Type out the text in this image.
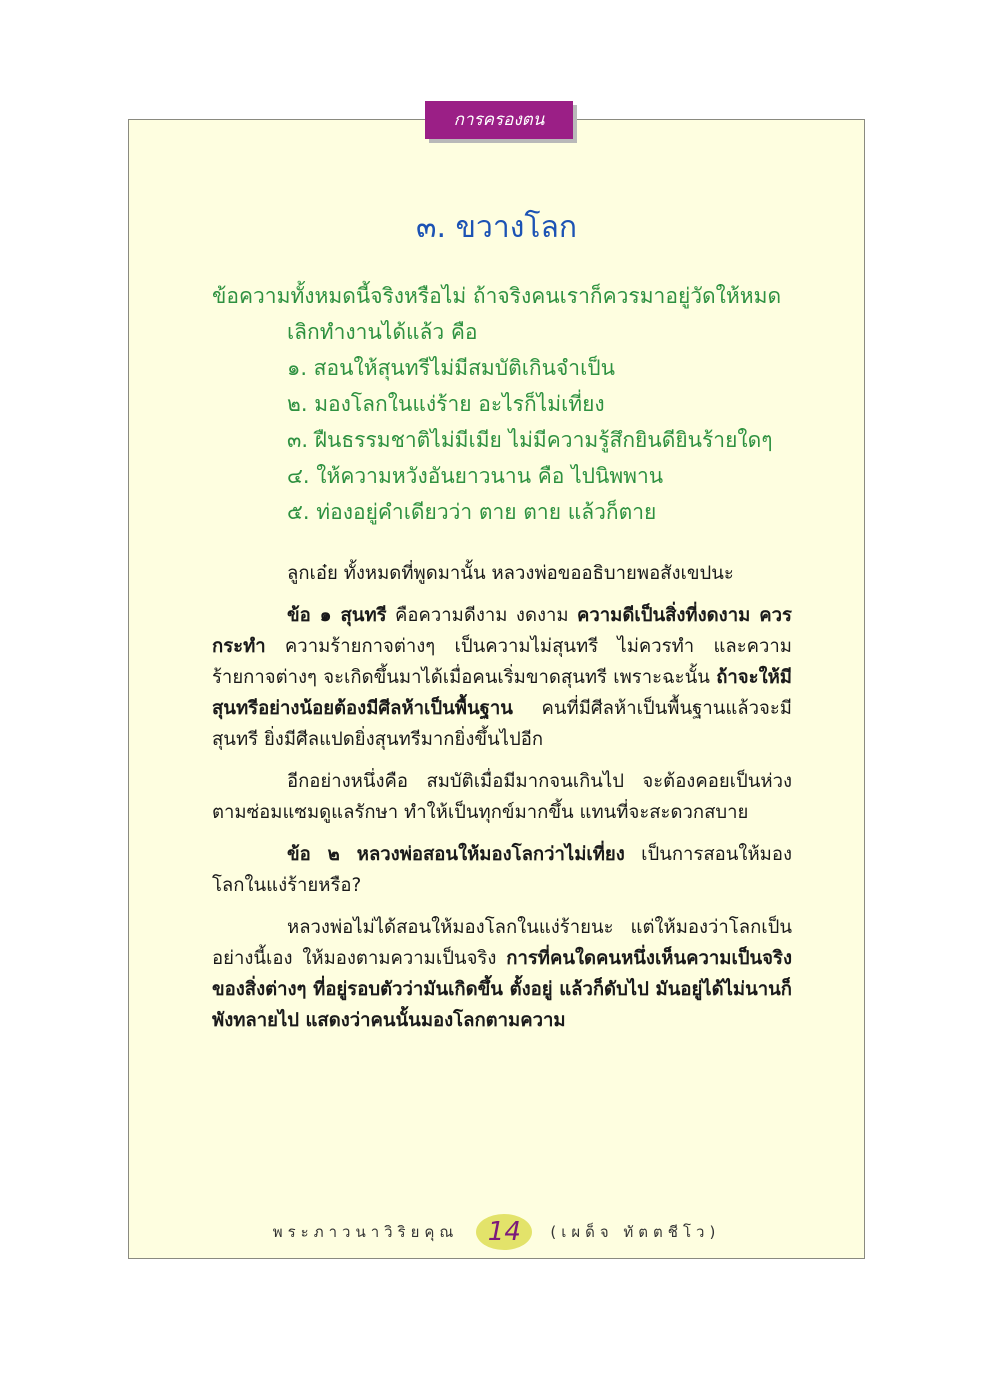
การครองตน
๓. ขวางโลก

ข้อความทั้งหมดนี้จริงหรือไม่ ถ้าจริงคนเราก็ควรมาอยู่วัดให้หมด

เลิกทำงานได้แล้ว คือ

๑. สอนให้สุนทรีไม่มีสมบัติเกินจำเป็น

๒. มองโลกในแง่ร้าย อะไรก็ไม่เที่ยง

๓. ฝืนธรรมชาติไม่มีเมีย ไม่มีความรู้สึกยินดียินร้ายใดๆ

๔. ให้ความหวังอันยาวนาน คือ ไปนิพพาน

๕. ท่องอยู่คำเดียวว่า ตาย ตาย แล้วก็ตาย

ลูกเอ๋ย ทั้งหมดที่พูดมานั้น หลวงพ่อขออธิบายพอสังเขปนะ

ข้อ ๑ สุนทรี คือความดีงาม งดงาม ความดีเป็นสิ่งที่งดงาม ควรกระทำ ความร้ายกาจต่างๆ เป็นความไม่สุนทรี ไม่ควรทำ และความร้ายกาจต่างๆ จะเกิดขึ้นมาได้เมื่อคนเริ่มขาดสุนทรี เพราะฉะนั้น ถ้าจะให้มีสุนทรีอย่างน้อยต้องมีศีลห้าเป็นพื้นฐาน คนที่มีศีลห้าเป็นพื้นฐานแล้วจะมีสุนทรี ยิ่งมีศีลแปดยิ่งสุนทรีมากยิ่งขึ้นไปอีก

อีกอย่างหนึ่งคือ สมบัติเมื่อมีมากจนเกินไป จะต้องคอยเป็นห่วง ตามซ่อมแซมดูแลรักษา ทำให้เป็นทุกข์มากขึ้น แทนที่จะสะดวกสบาย

ข้อ ๒ หลวงพ่อสอนให้มองโลกว่าไม่เที่ยง เป็นการสอนให้มองโลกในแง่ร้ายหรือ?

หลวงพ่อไม่ได้สอนให้มองโลกในแง่ร้ายนะ แต่ให้มองว่าโลกเป็นอย่างนี้เอง ให้มองตามความเป็นจริง การที่คนใดคนหนึ่งเห็นความเป็นจริงของสิ่งต่างๆ ที่อยู่รอบตัวว่ามันเกิดขึ้น ตั้งอยู่ แล้วก็ดับไป มันอยู่ได้ไม่นานก็พังทลายไป แสดงว่าคนนั้นมองโลกตามความ

พระภาวนาวิริยคุณ	14	(เผด็จ ทัตตชีโว)
